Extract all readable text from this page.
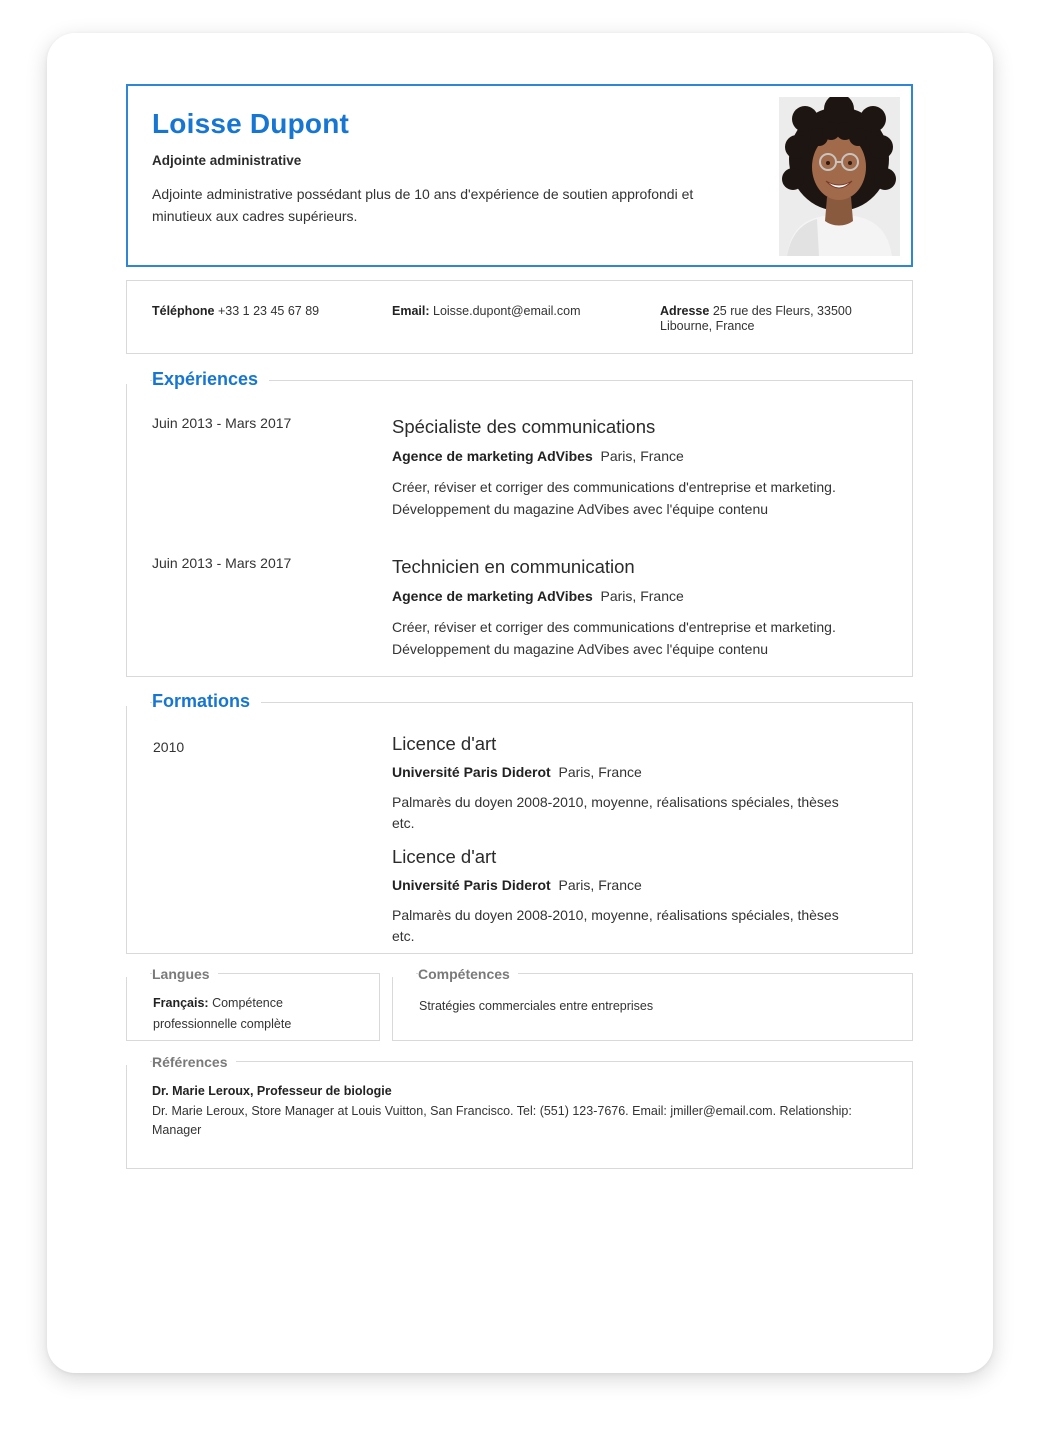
Loisse Dupont
Adjointe administrative
Adjointe administrative possédant plus de 10 ans d'expérience de soutien approfondi et minutieux aux cadres supérieurs.
Téléphone +33 1 23 45 67 89	Email: Loisse.dupont@email.com	Adresse 25 rue des Fleurs, 33500 Libourne, France
Expériences
Juin 2013 - Mars 2017	Spécialiste des communications
Agence de marketing AdVibes Paris, France
Créer, réviser et corriger des communications d'entreprise et marketing.
Développement du magazine AdVibes avec l'équipe contenu
Juin 2013 - Mars 2017	Technicien en communication
Agence de marketing AdVibes Paris, France
Créer, réviser et corriger des communications d'entreprise et marketing.
Développement du magazine AdVibes avec l'équipe contenu
Formations
2010	Licence d'art
Université Paris Diderot Paris, France
Palmarès du doyen 2008-2010, moyenne, réalisations spéciales, thèses etc.
Licence d'art
Université Paris Diderot Paris, France
Palmarès du doyen 2008-2010, moyenne, réalisations spéciales, thèses etc.
Langues
Français: Compétence professionnelle complète
Compétences
Stratégies commerciales entre entreprises
Références
Dr. Marie Leroux, Professeur de biologie
Dr. Marie Leroux, Store Manager at Louis Vuitton, San Francisco. Tel: (551) 123-7676. Email: jmiller@email.com. Relationship: Manager
